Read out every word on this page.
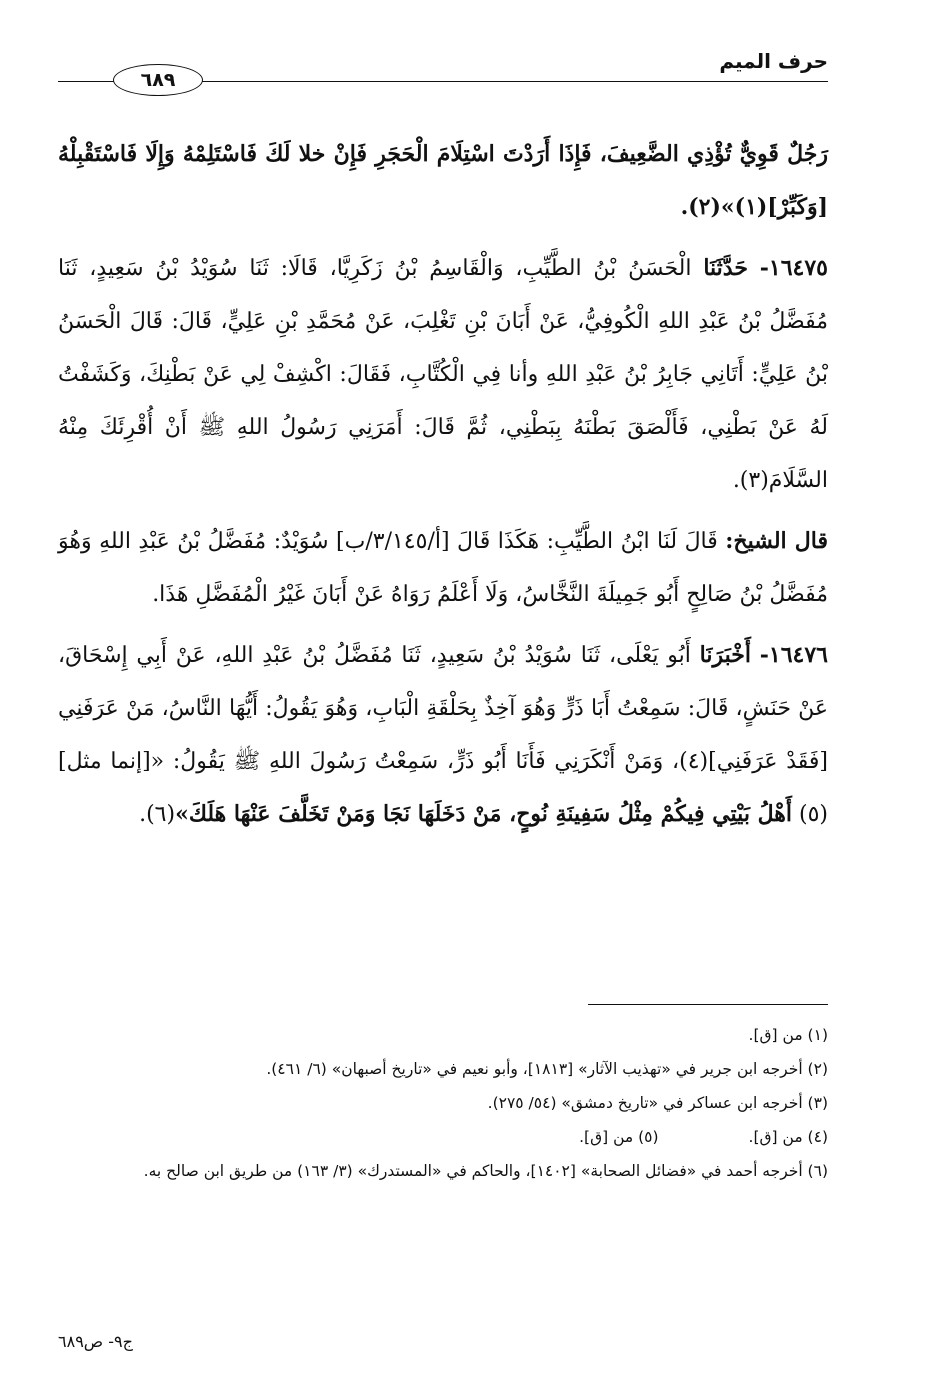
حرف الميم
٦٨٩

رَجُلٌ قَوِيٌّ تُؤْذِي الضَّعِيفَ، فَإِذَا أَرَدْتَ اسْتِلَامَ الْحَجَرِ فَإِنْ خلا لَكَ فَاسْتَلِمْهُ وَإِلَا فَاسْتَقْبِلْهُ [وَكَبِّرْ](١)»(٢).

١٦٤٧٥- حَدَّثَنَا الْحَسَنُ بْنُ الطَّيِّبِ، وَالْقَاسِمُ بْنُ زَكَرِيَّا، قَالَا: ثَنَا سُوَيْدُ بْنُ سَعِيدٍ، ثَنَا مُفَضَّلُ بْنُ عَبْدِ اللهِ الْكُوفِيُّ، عَنْ أَبَانَ بْنِ تَغْلِبَ، عَنْ مُحَمَّدِ بْنِ عَلِيٍّ، قَالَ: قَالَ الْحَسَنُ بْنُ عَلِيٍّ: أَتَانِي جَابِرُ بْنُ عَبْدِ اللهِ وأنا فِي الْكُتَّابِ، فَقَالَ: اكْشِفْ لِي عَنْ بَطْنِكَ، وَكَشَفْتُ لَهُ عَنْ بَطْنِي، فَأَلْصَقَ بَطْنَهُ بِبَطْنِي، ثُمَّ قَالَ: أَمَرَنِي رَسُولُ اللهِ ﷺ أَنْ أُقْرِئَكَ مِنْهُ السَّلَامَ(٣).

قال الشيخ: قَالَ لَنَا ابْنُ الطَّيِّبِ: هَكَذَا قَالَ [أ/٣/١٤٥/ب] سُوَيْدٌ: مُفَضَّلُ بْنُ عَبْدِ اللهِ وَهُوَ مُفَضَّلُ بْنُ صَالِحٍ أَبُو جَمِيلَةَ النَّخَّاسُ، وَلَا أَعْلَمُ رَوَاهُ عَنْ أَبَانَ غَيْرُ الْمُفَضَّلِ هَذَا.

١٦٤٧٦- أَخْبَرَنَا أَبُو يَعْلَى، ثَنَا سُوَيْدُ بْنُ سَعِيدٍ، ثَنَا مُفَضَّلُ بْنُ عَبْدِ اللهِ، عَنْ أَبِي إِسْحَاقَ، عَنْ حَنَشٍ، قَالَ: سَمِعْتُ أَبَا ذَرٍّ وَهُوَ آخِذٌ بِحَلْقَةِ الْبَابِ، وَهُوَ يَقُولُ: أَيُّهَا النَّاسُ، مَنْ عَرَفَنِي [فَقَدْ عَرَفَنِي](٤)، وَمَنْ أَنْكَرَنِي فَأَنَا أَبُو ذَرٍّ، سَمِعْتُ رَسُولَ اللهِ ﷺ يَقُولُ: «[إنما مثل](٥) أَهْلُ بَيْتِي فِيكُمْ مِثْلُ سَفِينَةِ نُوحٍ، مَنْ دَخَلَهَا نَجَا وَمَنْ تَخَلَّفَ عَنْهَا هَلَكَ»(٦).

(١) من [ق].

(٢) أخرجه ابن جرير في «تهذيب الآثار» [١٨١٣]، وأبو نعيم في «تاريخ أصبهان» (٦/ ٤٦١).

(٣) أخرجه ابن عساكر في «تاريخ دمشق» (٥٤/ ٢٧٥).

(٤) من [ق].
(٥) من [ق].

(٦) أخرجه أحمد في «فضائل الصحابة» [١٤٠٢]، والحاكم في «المستدرك» (٣/ ١٦٣) من طريق ابن صالح به.

ج٩- ص٦٨٩
